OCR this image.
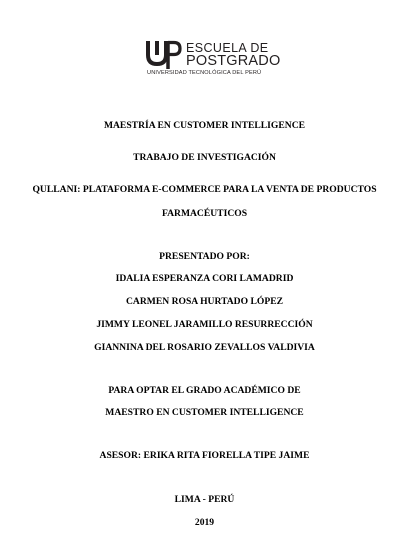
ESCUELA DE
POSTGRADO
UNIVERSIDAD TECNOLÓGICA DEL PERÚ
MAESTRÍA EN CUSTOMER INTELLIGENCE
TRABAJO DE INVESTIGACIÓN
QULLANI: PLATAFORMA E-COMMERCE PARA LA VENTA DE PRODUCTOS
FARMACÉUTICOS
PRESENTADO POR:
IDALIA ESPERANZA CORI LAMADRID
CARMEN ROSA HURTADO LÓPEZ
JIMMY LEONEL JARAMILLO RESURRECCIÓN
GIANNINA DEL ROSARIO ZEVALLOS VALDIVIA
PARA OPTAR EL GRADO ACADÉMICO DE
MAESTRO EN CUSTOMER INTELLIGENCE
ASESOR: ERIKA RITA FIORELLA TIPE JAIME
LIMA - PERÚ
2019
